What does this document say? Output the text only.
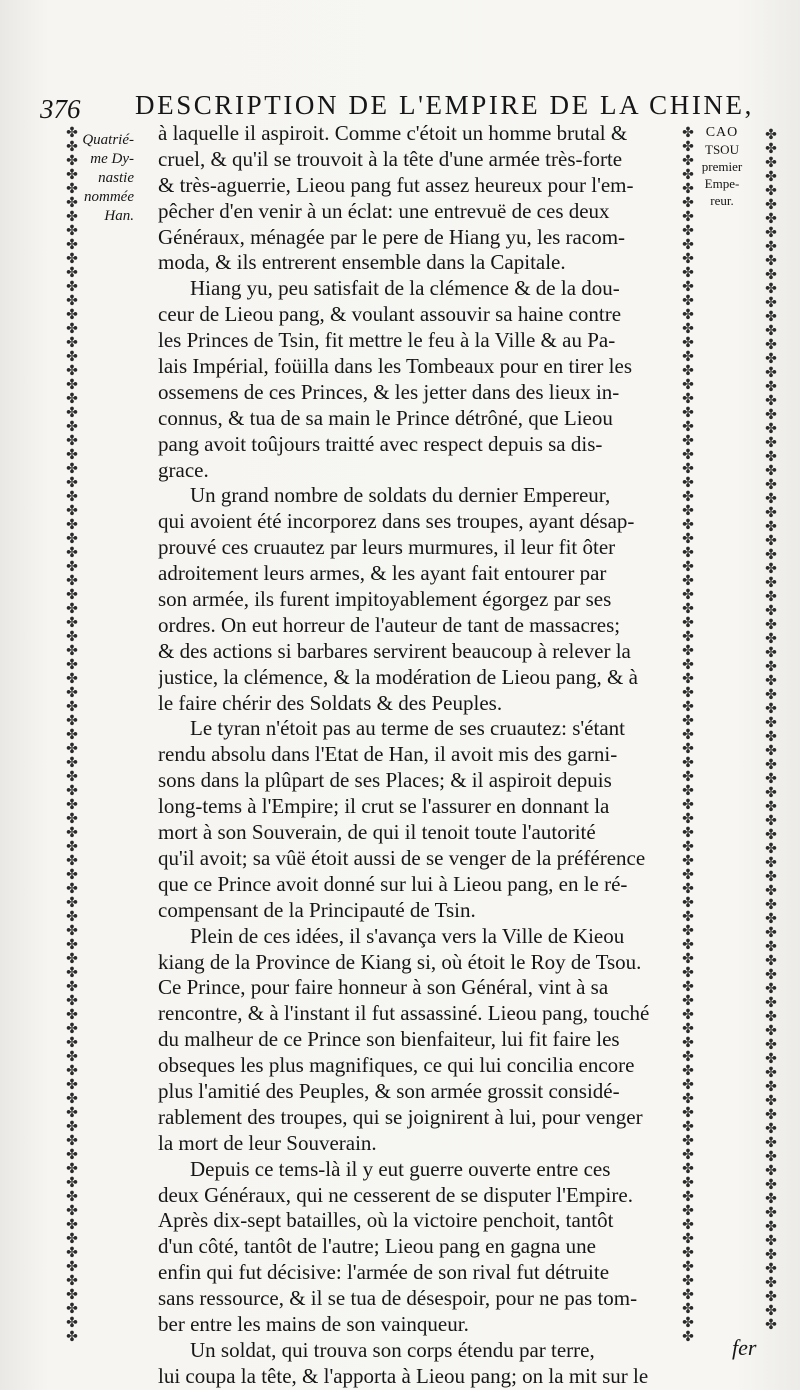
376 DESCRIPTION DE L'EMPIRE DE LA CHINE,
✤
✤
✤
✤
✤
✤
✤
✤
✤
✤
✤
✤
✤
✤
✤
✤
✤
✤
✤
✤
✤
✤
✤
✤
✤
✤
✤
✤
✤
✤
✤
✤
✤
✤
✤
✤
✤
✤
✤
✤
✤
✤
✤
✤
✤
✤
✤
✤
✤
✤
✤
✤
✤
✤
✤
✤
✤
✤
✤
✤
✤
✤
✤
✤
✤
✤
✤
✤
✤
✤
✤
✤
✤
✤
✤
✤
✤
✤
✤
✤
✤
✤
✤
✤
✤
✤
✤
✤
✤
✤
✤
✤
✤
✤
✤
✤
✤
✤
✤
✤
✤
✤
✤
✤
✤
✤
✤
✤
✤
✤
✤
✤
✤
✤
✤
✤
✤
✤
✤
✤
✤
✤
✤
✤
✤
✤
✤
✤
✤
✤
✤
✤
✤
✤
✤
✤
✤
✤
✤
✤
✤
✤
✤
✤
✤
✤
✤
✤
✤
✤
✤
✤
✤
✤
✤
✤
✤
✤
✤
✤
✤
✤
✤
✤
✤
✤
✤
✤
✤
✤
✤
✤
✤
✤
✤
✤
✤
✤
✤
✤
✤
✤
✤
✤
✤
✤
✤
✤
✤
✤
✤
✤
✤
✤
✤
✤
✤
✤
✤
✤
✤
✤
✤
✤
✤
✤
✤
✤
✤
✤
✤
✤
✤
✤
✤
✤
✤
✤
✤
✤
✤
✤
✤
✤
✤
✤
✤
✤
✤
✤
✤
✤
✤
✤
✤
✤
✤
✤
✤
✤
✤
✤
✤
✤
✤
✤
✤
✤
✤
✤
✤
✤
✤
✤
✤
✤
✤
✤
✤
✤
Quatrié-
me Dy-
nastie
nommée
Han.
CAO
TSOU
premier
Empe-
reur.
à laquelle il aspiroit. Comme c'étoit un homme brutal &
cruel, & qu'il se trouvoit à la tête d'une armée très-forte
& très-aguerrie, Lieou pang fut assez heureux pour l'em-
pêcher d'en venir à un éclat: une entrevuë de ces deux
Généraux, ménagée par le pere de Hiang yu, les racom-
moda, & ils entrerent ensemble dans la Capitale.
Hiang yu, peu satisfait de la clémence & de la dou-
ceur de Lieou pang, & voulant assouvir sa haine contre
les Princes de Tsin, fit mettre le feu à la Ville & au Pa-
lais Impérial, foüilla dans les Tombeaux pour en tirer les
ossemens de ces Princes, & les jetter dans des lieux in-
connus, & tua de sa main le Prince détrôné, que Lieou
pang avoit toûjours traitté avec respect depuis sa dis-
grace.
Un grand nombre de soldats du dernier Empereur,
qui avoient été incorporez dans ses troupes, ayant désap-
prouvé ces cruautez par leurs murmures, il leur fit ôter
adroitement leurs armes, & les ayant fait entourer par
son armée, ils furent impitoyablement égorgez par ses
ordres. On eut horreur de l'auteur de tant de massacres;
& des actions si barbares servirent beaucoup à relever la
justice, la clémence, & la modération de Lieou pang, & à
le faire chérir des Soldats & des Peuples.
Le tyran n'étoit pas au terme de ses cruautez: s'étant
rendu absolu dans l'Etat de Han, il avoit mis des garni-
sons dans la plûpart de ses Places; & il aspiroit depuis
long-tems à l'Empire; il crut se l'assurer en donnant la
mort à son Souverain, de qui il tenoit toute l'autorité
qu'il avoit; sa vûë étoit aussi de se venger de la préférence
que ce Prince avoit donné sur lui à Lieou pang, en le ré-
compensant de la Principauté de Tsin.
Plein de ces idées, il s'avança vers la Ville de Kieou
kiang de la Province de Kiang si, où étoit le Roy de Tsou.
Ce Prince, pour faire honneur à son Général, vint à sa
rencontre, & à l'instant il fut assassiné. Lieou pang, touché
du malheur de ce Prince son bienfaiteur, lui fit faire les
obseques les plus magnifiques, ce qui lui concilia encore
plus l'amitié des Peuples, & son armée grossit considé-
rablement des troupes, qui se joignirent à lui, pour venger
la mort de leur Souverain.
Depuis ce tems-là il y eut guerre ouverte entre ces
deux Généraux, qui ne cesserent de se disputer l'Empire.
Après dix-sept batailles, où la victoire penchoit, tantôt
d'un côté, tantôt de l'autre; Lieou pang en gagna une
enfin qui fut décisive: l'armée de son rival fut détruite
sans ressource, & il se tua de désespoir, pour ne pas tom-
ber entre les mains de son vainqueur.
Un soldat, qui trouva son corps étendu par terre,
lui coupa la tête, & l'apporta à Lieou pang; on la mit sur le
fer
